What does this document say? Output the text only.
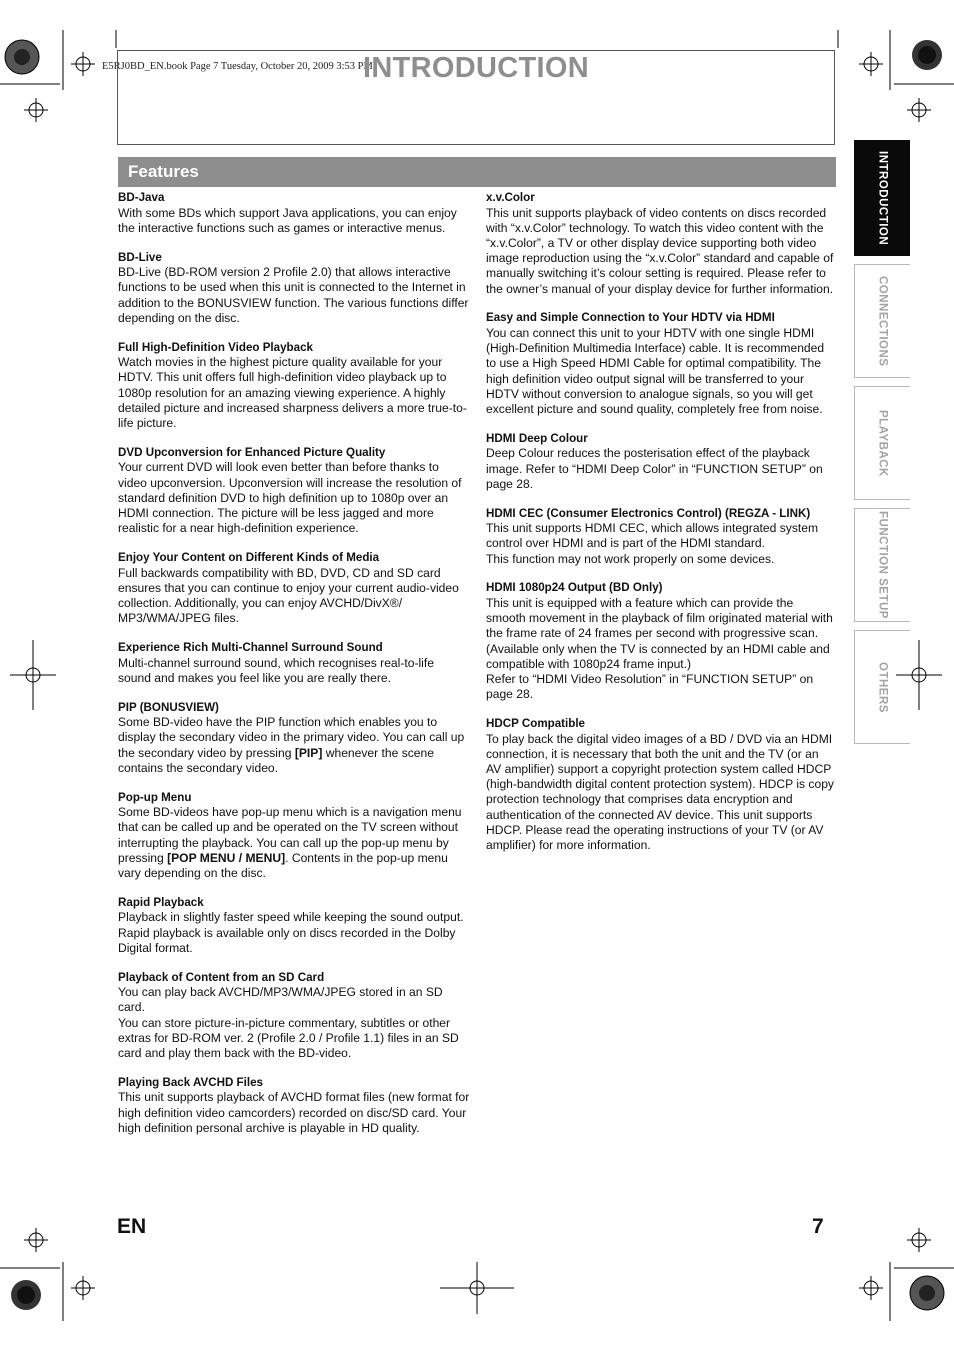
E5RJ0BD_EN.book Page 7 Tuesday, October 20, 2009 3:53 PM
INTRODUCTION
Features
BD-Java

With some BDs which support Java applications, you can enjoy the interactive functions such as games or interactive menus.

BD-Live

BD-Live (BD-ROM version 2 Profile 2.0) that allows interactive functions to be used when this unit is connected to the Internet in addition to the BONUSVIEW function. The various functions differ depending on the disc.

Full High-Definition Video Playback

Watch movies in the highest picture quality available for your HDTV. This unit offers full high-definition video playback up to 1080p resolution for an amazing viewing experience. A highly detailed picture and increased sharpness delivers a more true-to-life picture.

DVD Upconversion for Enhanced Picture Quality

Your current DVD will look even better than before thanks to video upconversion. Upconversion will increase the resolution of standard definition DVD to high definition up to 1080p over an HDMI connection. The picture will be less jagged and more realistic for a near high-definition experience.

Enjoy Your Content on Different Kinds of Media

Full backwards compatibility with BD, DVD, CD and SD card ensures that you can continue to enjoy your current audio-video collection. Additionally, you can enjoy AVCHD/DivX®/ MP3/WMA/JPEG files.

Experience Rich Multi-Channel Surround Sound

Multi-channel surround sound, which recognises real-to-life sound and makes you feel like you are really there.

PIP (BONUSVIEW)

Some BD-video have the PIP function which enables you to display the secondary video in the primary video. You can call up the secondary video by pressing [PIP] whenever the scene contains the secondary video.

Pop-up Menu

Some BD-videos have pop-up menu which is a navigation menu that can be called up and be operated on the TV screen without interrupting the playback. You can call up the pop-up menu by pressing [POP MENU / MENU]. Contents in the pop-up menu vary depending on the disc.

Rapid Playback

Playback in slightly faster speed while keeping the sound output.

Rapid playback is available only on discs recorded in the Dolby Digital format.

Playback of Content from an SD Card

You can play back AVCHD/MP3/WMA/JPEG stored in an SD card.

You can store picture-in-picture commentary, subtitles or other extras for BD-ROM ver. 2 (Profile 2.0 / Profile 1.1) files in an SD card and play them back with the BD-video.

Playing Back AVCHD Files

This unit supports playback of AVCHD format files (new format for high definition video camcorders) recorded on disc/SD card. Your high definition personal archive is playable in HD quality.

x.v.Color

This unit supports playback of video contents on discs recorded with “x.v.Color” technology. To watch this video content with the “x.v.Color”, a TV or other display device supporting both video image reproduction using the “x.v.Color” standard and capable of manually switching it’s colour setting is required. Please refer to the owner’s manual of your display device for further information.

Easy and Simple Connection to Your HDTV via HDMI

You can connect this unit to your HDTV with one single HDMI (High-Definition Multimedia Interface) cable. It is recommended to use a High Speed HDMI Cable for optimal compatibility. The high definition video output signal will be transferred to your HDTV without conversion to analogue signals, so you will get excellent picture and sound quality, completely free from noise.

HDMI Deep Colour

Deep Colour reduces the posterisation effect of the playback image. Refer to “HDMI Deep Color” in “FUNCTION SETUP” on page 28.

HDMI CEC (Consumer Electronics Control) (REGZA - LINK)

This unit supports HDMI CEC, which allows integrated system control over HDMI and is part of the HDMI standard.

This function may not work properly on some devices.

HDMI 1080p24 Output (BD Only)

This unit is equipped with a feature which can provide the smooth movement in the playback of film originated material with the frame rate of 24 frames per second with progressive scan. (Available only when the TV is connected by an HDMI cable and compatible with 1080p24 frame input.)

Refer to “HDMI Video Resolution” in “FUNCTION SETUP” on page 28.

HDCP Compatible

To play back the digital video images of a BD / DVD via an HDMI connection, it is necessary that both the unit and the TV (or an AV amplifier) support a copyright protection system called HDCP (high-bandwidth digital content protection system). HDCP is copy protection technology that comprises data encryption and authentication of the connected AV device. This unit supports HDCP. Please read the operating instructions of your TV (or AV amplifier) for more information.

INTRODUCTION
CONNECTIONS
PLAYBACK
FUNCTION SETUP
OTHERS
EN	7
